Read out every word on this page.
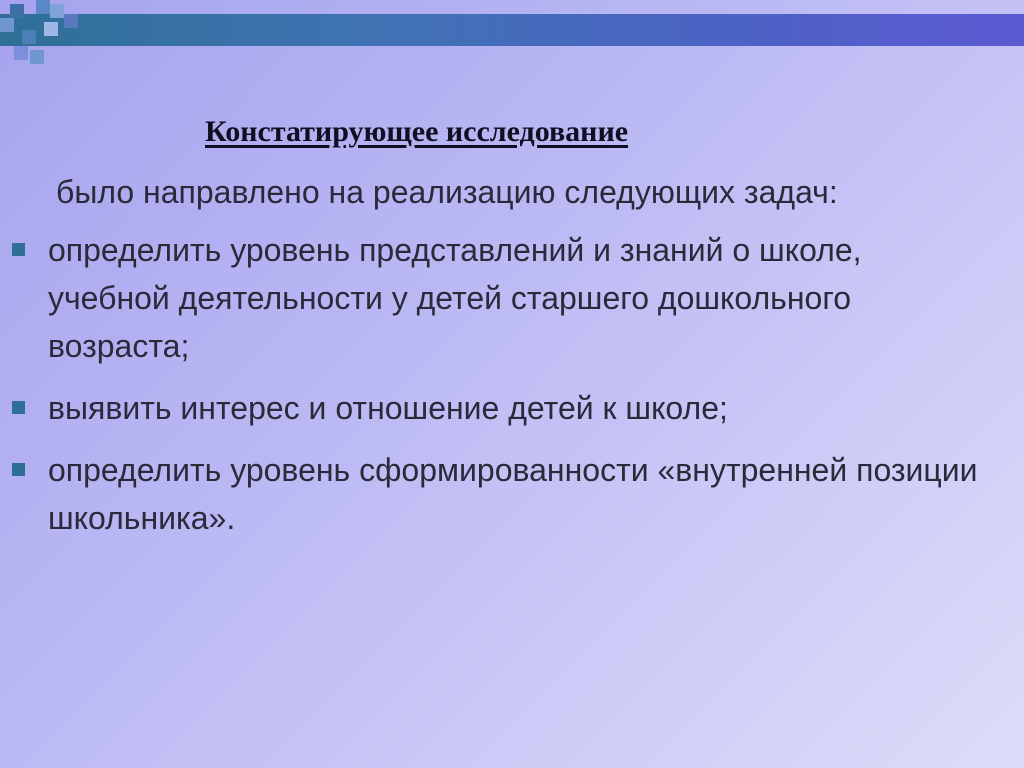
Констатирующее исследование

было направлено на реализацию следующих задач:

определить уровень представлений и знаний о школе, учебной деятельности у детей старшего дошкольного возраста;
выявить интерес и отношение детей к школе;
определить уровень сформированности «внутренней позиции школьника».
